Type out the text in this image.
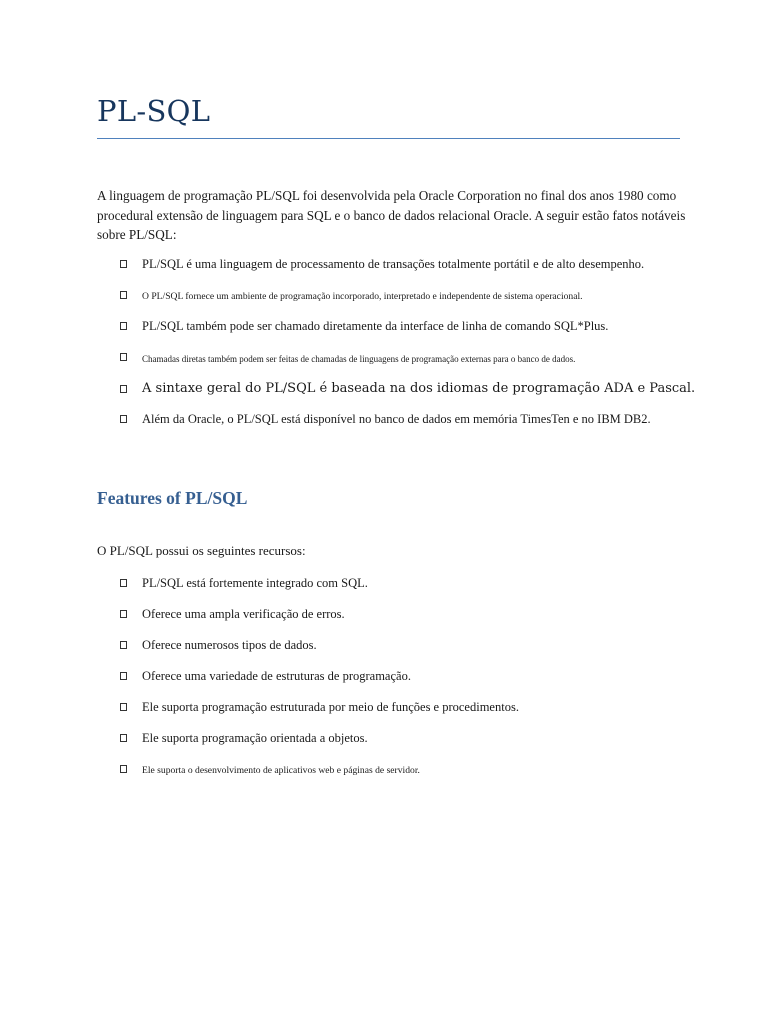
PL-SQL

A linguagem de programação PL/SQL foi desenvolvida pela Oracle Corporation no final dos anos 1980 como procedural extensão de linguagem para SQL e o banco de dados relacional Oracle. A seguir estão fatos notáveis sobre PL/SQL:

PL/SQL é uma linguagem de processamento de transações totalmente portátil e de alto desempenho.
O PL/SQL fornece um ambiente de programação incorporado, interpretado e independente de sistema operacional.
PL/SQL também pode ser chamado diretamente da interface de linha de comando SQL*Plus.
Chamadas diretas também podem ser feitas de chamadas de linguagens de programação externas para o banco de dados.
A sintaxe geral do PL/SQL é baseada na dos idiomas de programação ADA e Pascal.
Além da Oracle, o PL/SQL está disponível no banco de dados em memória TimesTen e no IBM DB2.
Features of PL/SQL

O PL/SQL possui os seguintes recursos:

PL/SQL está fortemente integrado com SQL.
Oferece uma ampla verificação de erros.
Oferece numerosos tipos de dados.
Oferece uma variedade de estruturas de programação.
Ele suporta programação estruturada por meio de funções e procedimentos.
Ele suporta programação orientada a objetos.
Ele suporta o desenvolvimento de aplicativos web e páginas de servidor.
